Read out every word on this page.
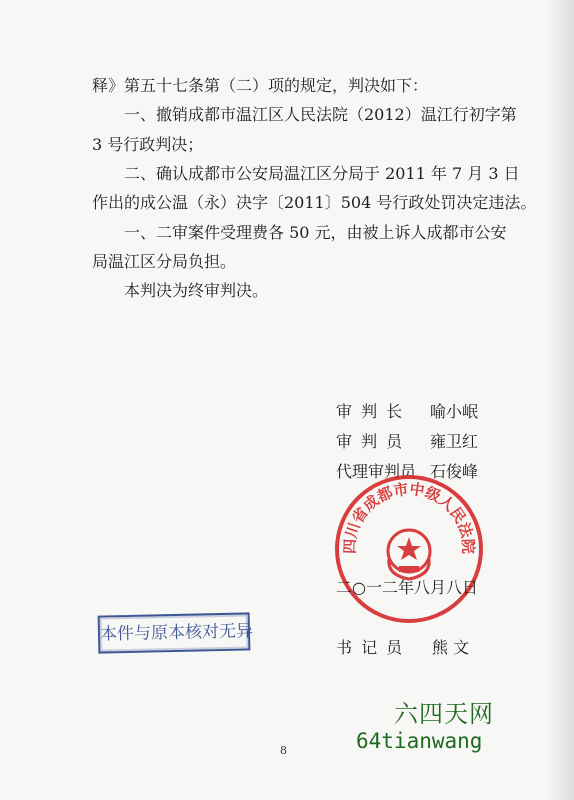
释》第五十七条第（二）项的规定，判决如下：

一、撤销成都市温江区人民法院（2012）温江行初字第

3 号行政判决；

二、确认成都市公安局温江区分局于 2011 年 7 月 3 日

作出的成公温（永）决字〔2011〕504 号行政处罚决定违法。

一、二审案件受理费各 50 元，由被上诉人成都市公安

局温江区分局负担。

本判决为终审判决。

审 判 长 喻小岷

审 判 员 雍卫红

代理审判员 石俊峰

四川省成都市中级人民法院

二○一二年八月八日

本件与原本核对无异

书 记 员 熊 文

8
六四天网
64tianwang
